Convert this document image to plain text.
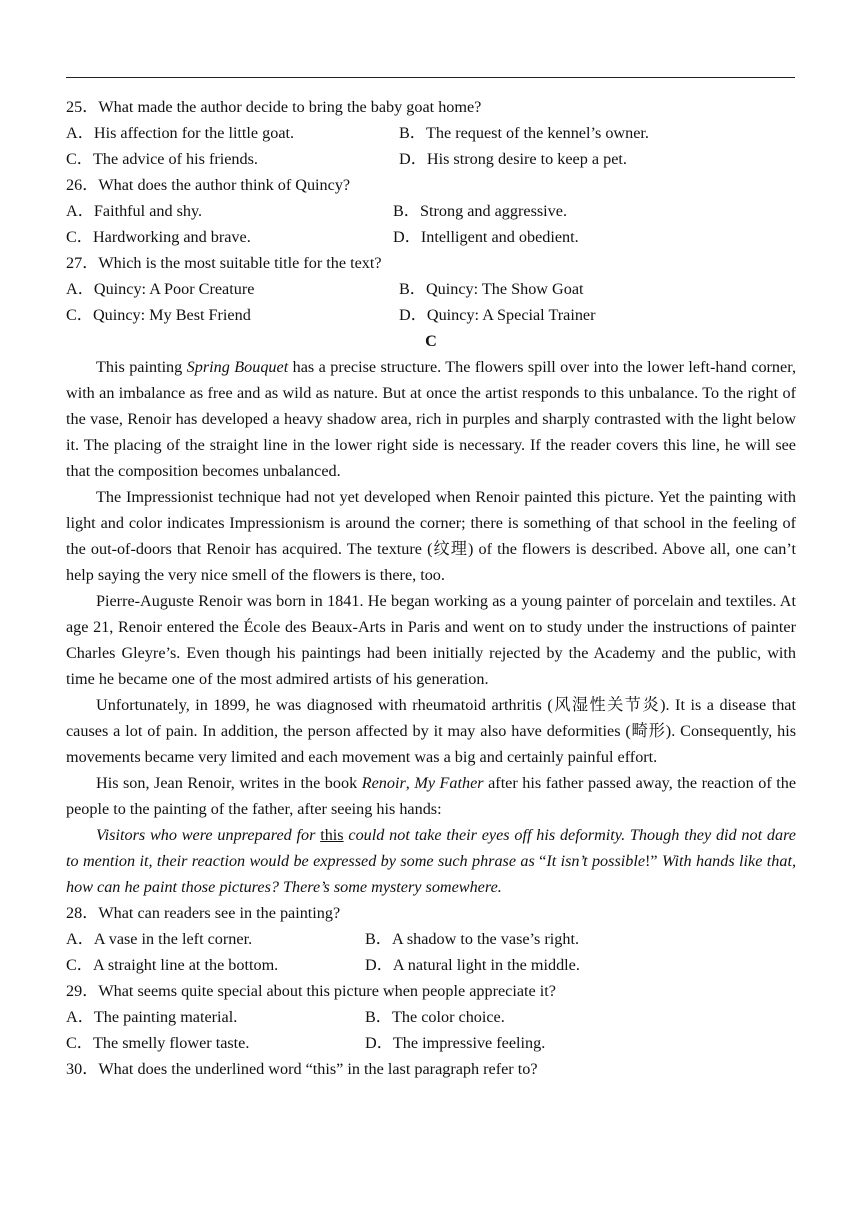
25．What made the author decide to bring the baby goat home?
A．His affection for the little goat.	B．The request of the kennel’s owner.
C．The advice of his friends.	D．His strong desire to keep a pet.
26．What does the author think of Quincy?
A．Faithful and shy.	B．Strong and aggressive.
C．Hardworking and brave.	D．Intelligent and obedient.
27．Which is the most suitable title for the text?
A．Quincy: A Poor Creature	B．Quincy: The Show Goat
C．Quincy: My Best Friend	D．Quincy: A Special Trainer
C

This painting Spring Bouquet has a precise structure. The flowers spill over into the lower left-hand corner, with an imbalance as free and as wild as nature. But at once the artist responds to this unbalance. To the right of the vase, Renoir has developed a heavy shadow area, rich in purples and sharply contrasted with the light below it. The placing of the straight line in the lower right side is necessary. If the reader covers this line, he will see that the composition becomes unbalanced.

The Impressionist technique had not yet developed when Renoir painted this picture. Yet the painting with light and color indicates Impressionism is around the corner; there is something of that school in the feeling of the out-of-doors that Renoir has acquired. The texture (纹理) of the flowers is described. Above all, one can’t help saying the very nice smell of the flowers is there, too.

Pierre-Auguste Renoir was born in 1841. He began working as a young painter of porcelain and textiles. At age 21, Renoir entered the École des Beaux-Arts in Paris and went on to study under the instructions of painter Charles Gleyre’s. Even though his paintings had been initially rejected by the Academy and the public, with time he became one of the most admired artists of his generation.

Unfortunately, in 1899, he was diagnosed with rheumatoid arthritis (风湿性关节炎). It is a disease that causes a lot of pain. In addition, the person affected by it may also have deformities (畸形). Consequently, his movements became very limited and each movement was a big and certainly painful effort.

His son, Jean Renoir, writes in the book Renoir, My Father after his father passed away, the reaction of the people to the painting of the father, after seeing his hands:

Visitors who were unprepared for this could not take their eyes off his deformity. Though they did not dare to mention it, their reaction would be expressed by some such phrase as “It isn’t possible!” With hands like that, how can he paint those pictures? There’s some mystery somewhere.

28．What can readers see in the painting?
A．A vase in the left corner.	B．A shadow to the vase’s right.
C．A straight line at the bottom.	D．A natural light in the middle.
29．What seems quite special about this picture when people appreciate it?
A．The painting material.	B．The color choice.
C．The smelly flower taste.	D．The impressive feeling.
30．What does the underlined word “this” in the last paragraph refer to?
